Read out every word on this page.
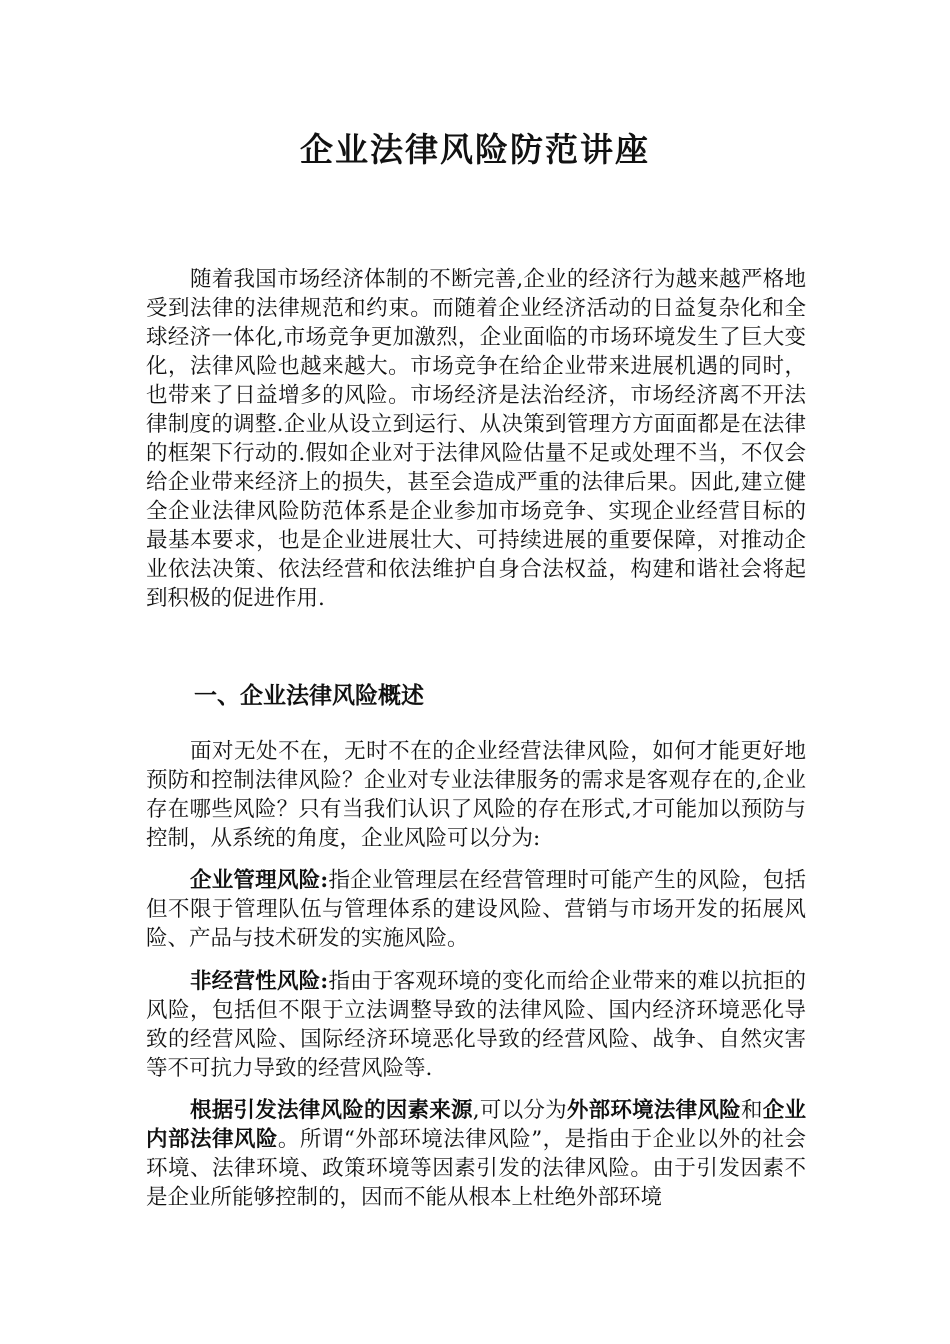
企业法律风险防范讲座

随着我国市场经济体制的不断完善,企业的经济行为越来越严格地受到法律的法律规范和约束。而随着企业经济活动的日益复杂化和全球经济一体化,市场竞争更加激烈，企业面临的市场环境发生了巨大变化，法律风险也越来越大。市场竞争在给企业带来进展机遇的同时，也带来了日益增多的风险。市场经济是法治经济，市场经济离不开法律制度的调整.企业从设立到运行、从决策到管理方方面面都是在法律的框架下行动的.假如企业对于法律风险估量不足或处理不当，不仅会给企业带来经济上的损失，甚至会造成严重的法律后果。因此,建立健全企业法律风险防范体系是企业参加市场竞争、实现企业经营目标的最基本要求，也是企业进展壮大、可持续进展的重要保障，对推动企业依法决策、依法经营和依法维护自身合法权益，构建和谐社会将起到积极的促进作用.

一、企业法律风险概述

面对无处不在，无时不在的企业经营法律风险，如何才能更好地预防和控制法律风险？企业对专业法律服务的需求是客观存在的,企业存在哪些风险？只有当我们认识了风险的存在形式,才可能加以预防与控制，从系统的角度，企业风险可以分为:

企业管理风险:指企业管理层在经营管理时可能产生的风险，包括但不限于管理队伍与管理体系的建设风险、营销与市场开发的拓展风险、产品与技术研发的实施风险。

非经营性风险:指由于客观环境的变化而给企业带来的难以抗拒的风险，包括但不限于立法调整导致的法律风险、国内经济环境恶化导致的经营风险、国际经济环境恶化导致的经营风险、战争、自然灾害等不可抗力导致的经营风险等.

根据引发法律风险的因素来源,可以分为外部环境法律风险和企业内部法律风险。所谓“外部环境法律风险”，是指由于企业以外的社会环境、法律环境、政策环境等因素引发的法律风险。由于引发因素不是企业所能够控制的，因而不能从根本上杜绝外部环境
